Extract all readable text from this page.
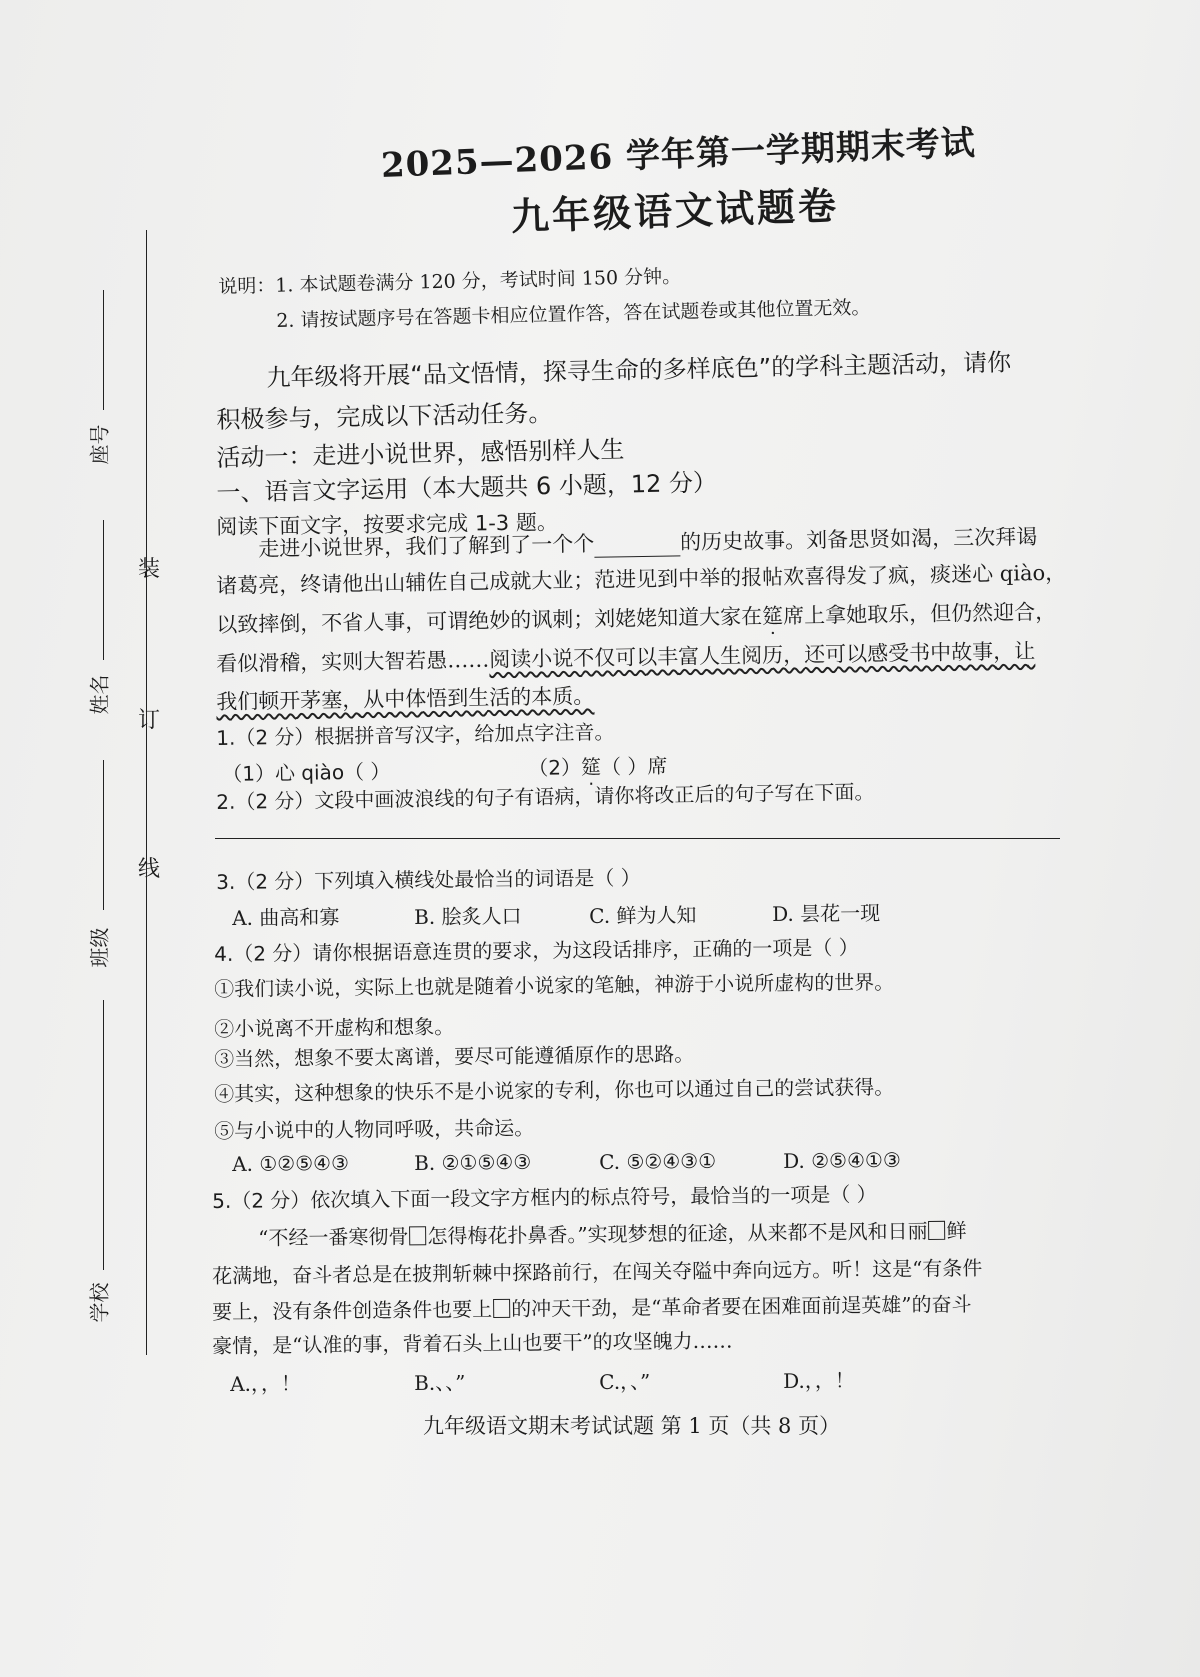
2025—2026 学年第一学期期末考试
九年级语文试题卷
说明：1. 本试题卷满分 120 分，考试时间 150 分钟。
2. 请按试题序号在答题卡相应位置作答，答在试题卷或其他位置无效。
九年级将开展“品文悟情，探寻生命的多样底色”的学科主题活动，请你
积极参与，完成以下活动任务。
活动一：走进小说世界，感悟别样人生
一、语言文字运用（本大题共 6 小题，12 分）
阅读下面文字，按要求完成 1-3 题。
走进小说世界，我们了解到了一个个	的历史故事。刘备思贤如渴，三次拜谒
诸葛亮，终请他出山辅佐自己成就大业；范进见到中举的报帖欢喜得发了疯，痰迷心 qiào，
以致摔倒，不省人事，可谓绝妙的讽刺；刘姥姥知道大家在筵席上拿她取乐，但仍然迎合，
看似滑稽，实则大智若愚……阅读小说不仅可以丰富人生阅历，还可以感受书中故事，让
我们顿开茅塞，从中体悟到生活的本质。
1.（2 分）根据拼音写汉字，给加点字注音。
（1）心 qiào（ ）	（2）筵（ ）席
2.（2 分）文段中画波浪线的句子有语病，请你将改正后的句子写在下面。
3.（2 分）下列填入横线处最恰当的词语是（ ）
A. 曲高和寡	B. 脍炙人口	C. 鲜为人知	D. 昙花一现
4.（2 分）请你根据语意连贯的要求，为这段话排序，正确的一项是（ ）
①我们读小说，实际上也就是随着小说家的笔触，神游于小说所虚构的世界。
②小说离不开虚构和想象。
③当然，想象不要太离谱，要尽可能遵循原作的思路。
④其实，这种想象的快乐不是小说家的专利，你也可以通过自己的尝试获得。
⑤与小说中的人物同呼吸，共命运。
A. ①②⑤④③	B. ②①⑤④③	C. ⑤②④③①	D. ②⑤④①③
5.（2 分）依次填入下面一段文字方框内的标点符号，最恰当的一项是（ ）
“不经一番寒彻骨 怎得梅花扑鼻香。”实现梦想的征途，从来都不是风和日丽 鲜
花满地，奋斗者总是在披荆斩棘中探路前行，在闯关夺隘中奔向远方。听！这是“有条件
要上，没有条件创造条件也要上 的冲天干劲，是“革命者要在困难面前逞英雄”的奋斗
豪情，是“认准的事，背着石头上山也要干”的攻坚魄力……
A.，，！	B.、、”	C.，、”	D.，，！
九年级语文期末考试试题 第 1 页（共 8 页）
装
订
线
座号
姓名
班级
学校
